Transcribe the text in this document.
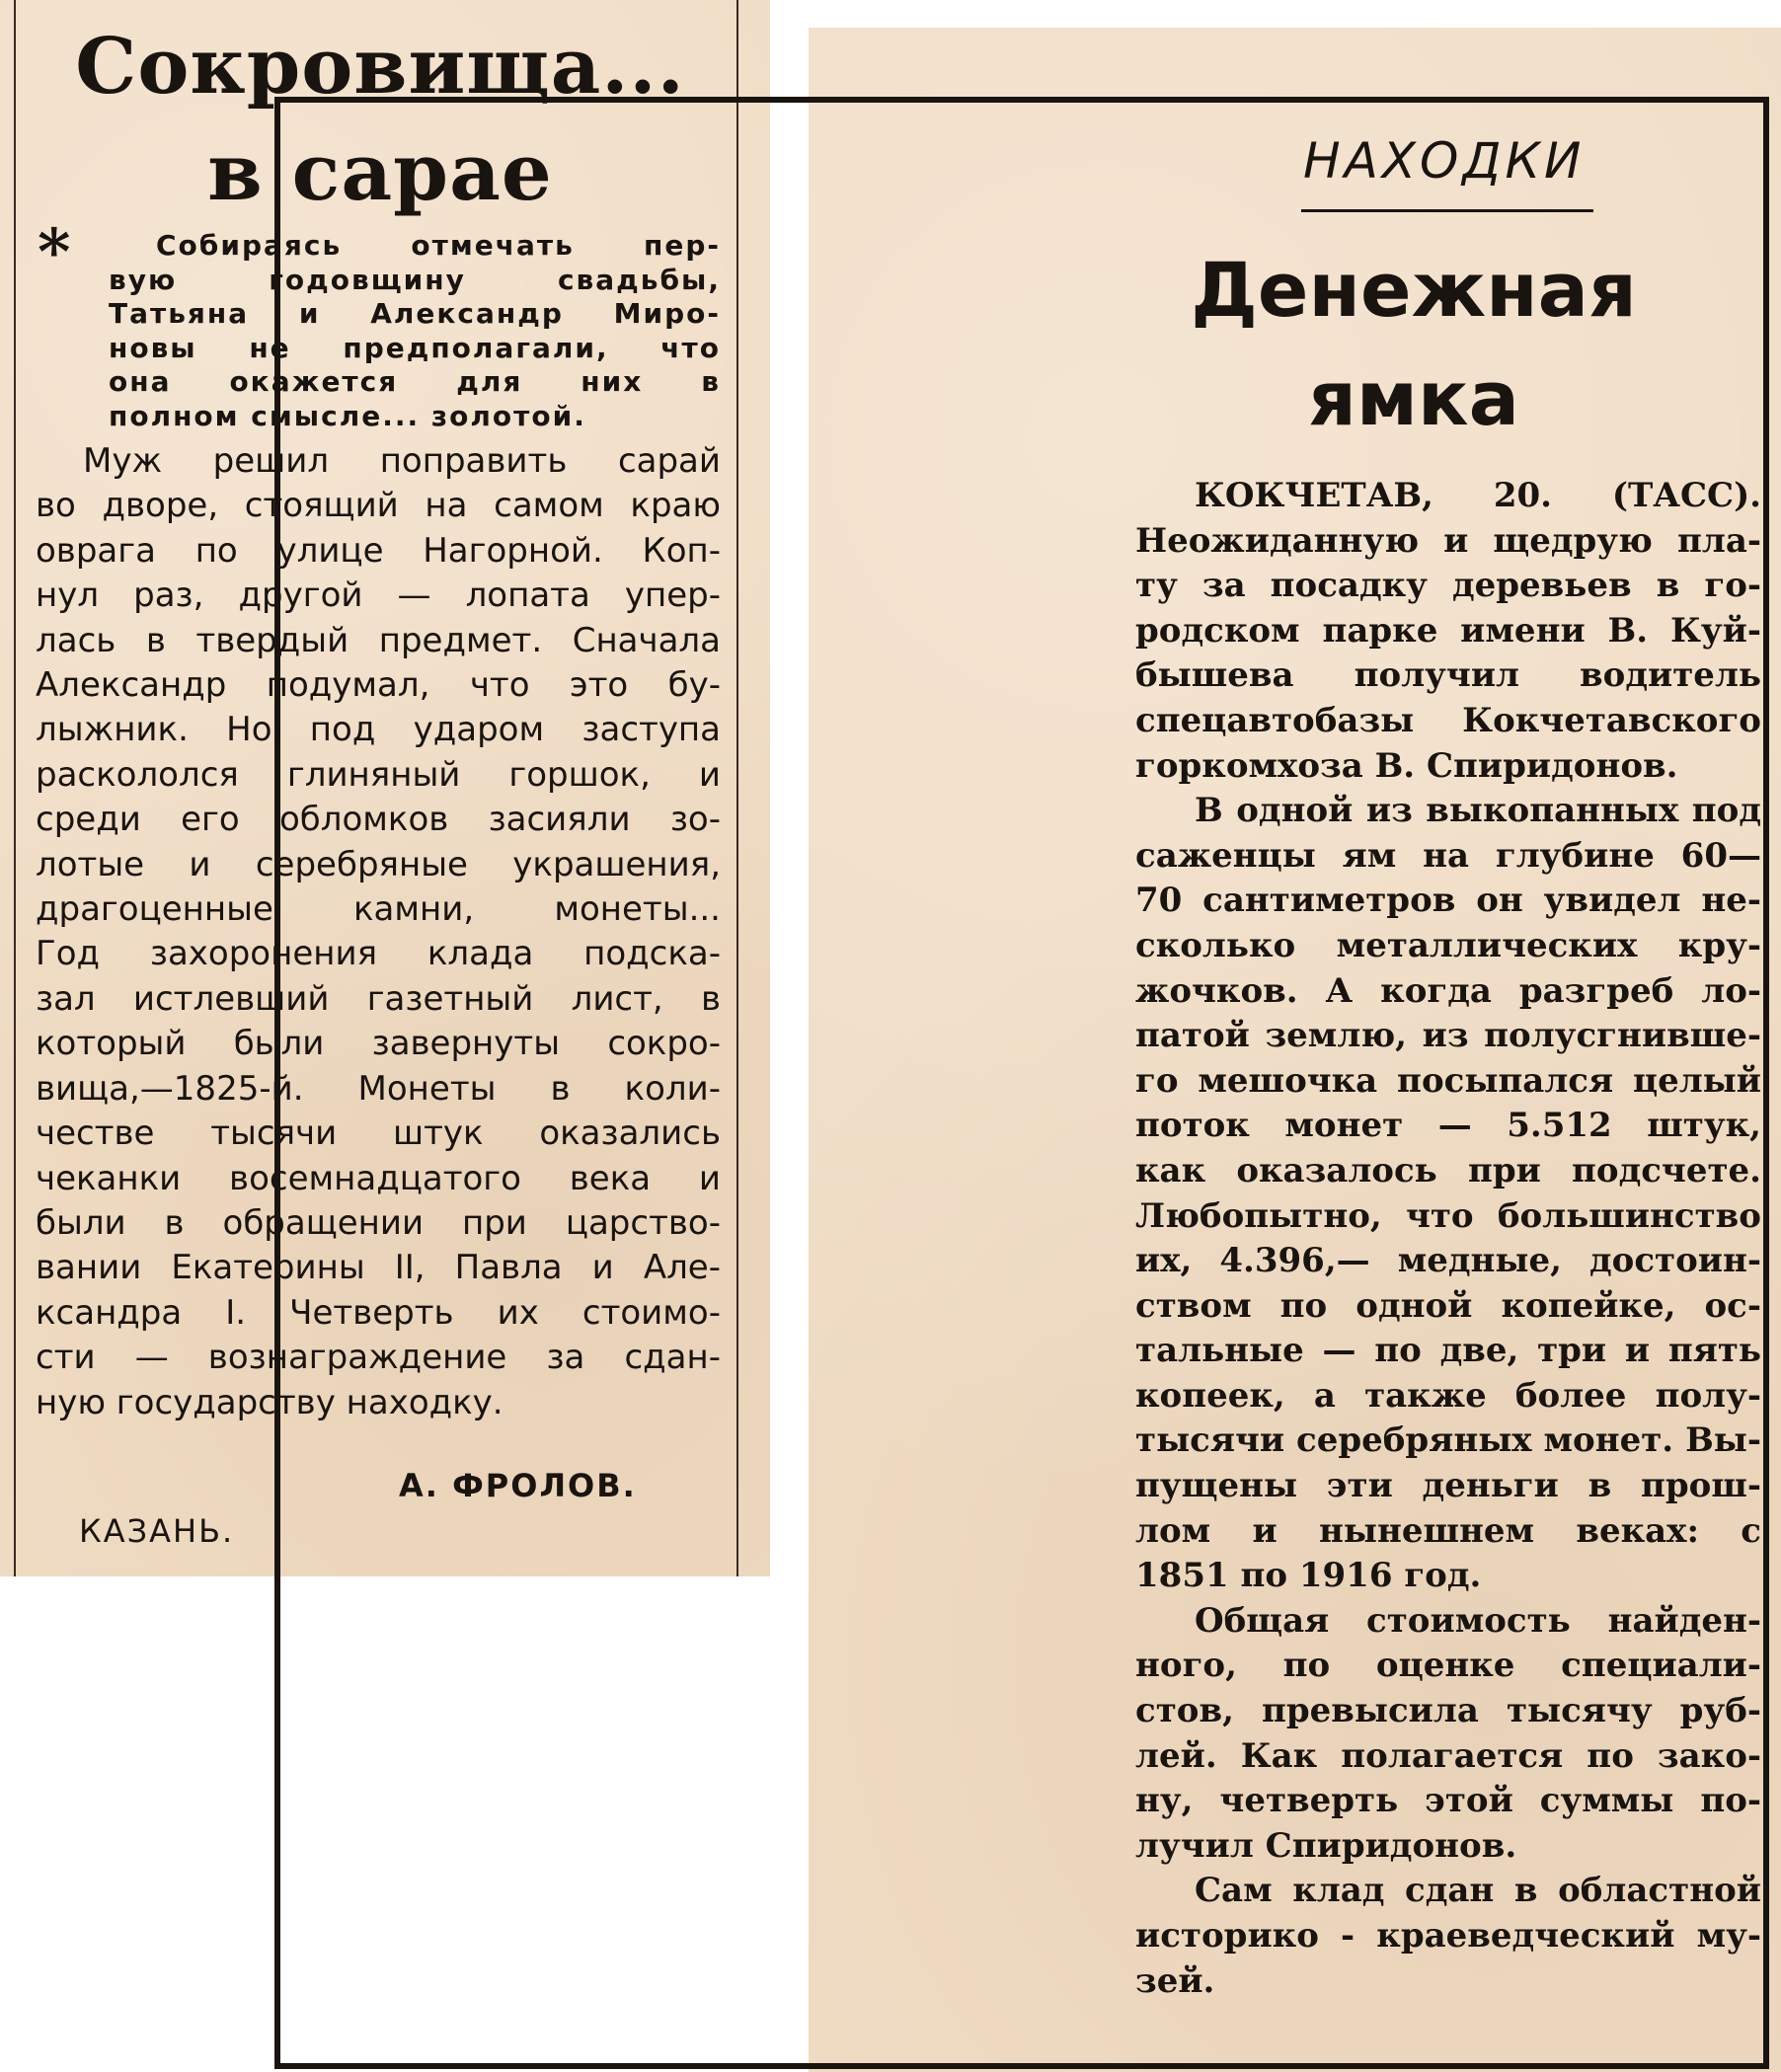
Сокровища...
в сарае
*	Собираясь отмечать пер-
вую годовщину свадьбы,
Татьяна и Александр Миро-
новы не предполагали, что
она окажется для них в
полном смысле... золотой.
Муж решил поправить сарай
во дворе, стоящий на самом краю
оврага по улице Нагорной. Коп-
нул раз, другой — лопата упер-
лась в твердый предмет. Сначала
Александр подумал, что это бу-
лыжник. Но под ударом заступа
раскололся глиняный горшок, и
среди его обломков засияли зо-
лотые и серебряные украшения,
драгоценные камни, монеты...
Год захоронения клада подска-
зал истлевший газетный лист, в
который были завернуты сокро-
вища,—1825-й. Монеты в коли-
честве тысячи штук оказались
чеканки восемнадцатого века и
были в обращении при царство-
вании Екатерины II, Павла и Але-
ксандра I. Четверть их стоимо-
сти — вознаграждение за сдан-
ную государству находку.
А. ФРОЛОВ.
КАЗАНЬ.
НАХОДКИ
Денежная
ямка
КОКЧЕТАВ, 20. (ТАСС).
Неожиданную и щедрую пла-
ту за посадку деревьев в го-
родском парке имени В. Куй-
бышева получил водитель
спецавтобазы Кокчетавского
горкомхоза В. Спиридонов.
В одной из выкопанных под
саженцы ям на глубине 60—
70 сантиметров он увидел не-
сколько металлических кру-
жочков. А когда разгреб ло-
патой землю, из полусгнивше-
го мешочка посыпался целый
поток монет — 5.512 штук,
как оказалось при подсчете.
Любопытно, что большинство
их, 4.396,— медные, достоин-
ством по одной копейке, ос-
тальные — по две, три и пять
копеек, а также более полу-
тысячи серебряных монет. Вы-
пущены эти деньги в прош-
лом и нынешнем веках: с
1851 по 1916 год.
Общая стоимость найден-
ного, по оценке специали-
стов, превысила тысячу руб-
лей. Как полагается по зако-
ну, четверть этой суммы по-
лучил Спиридонов.
Сам клад сдан в областной
историко - краеведческий му-
зей.
